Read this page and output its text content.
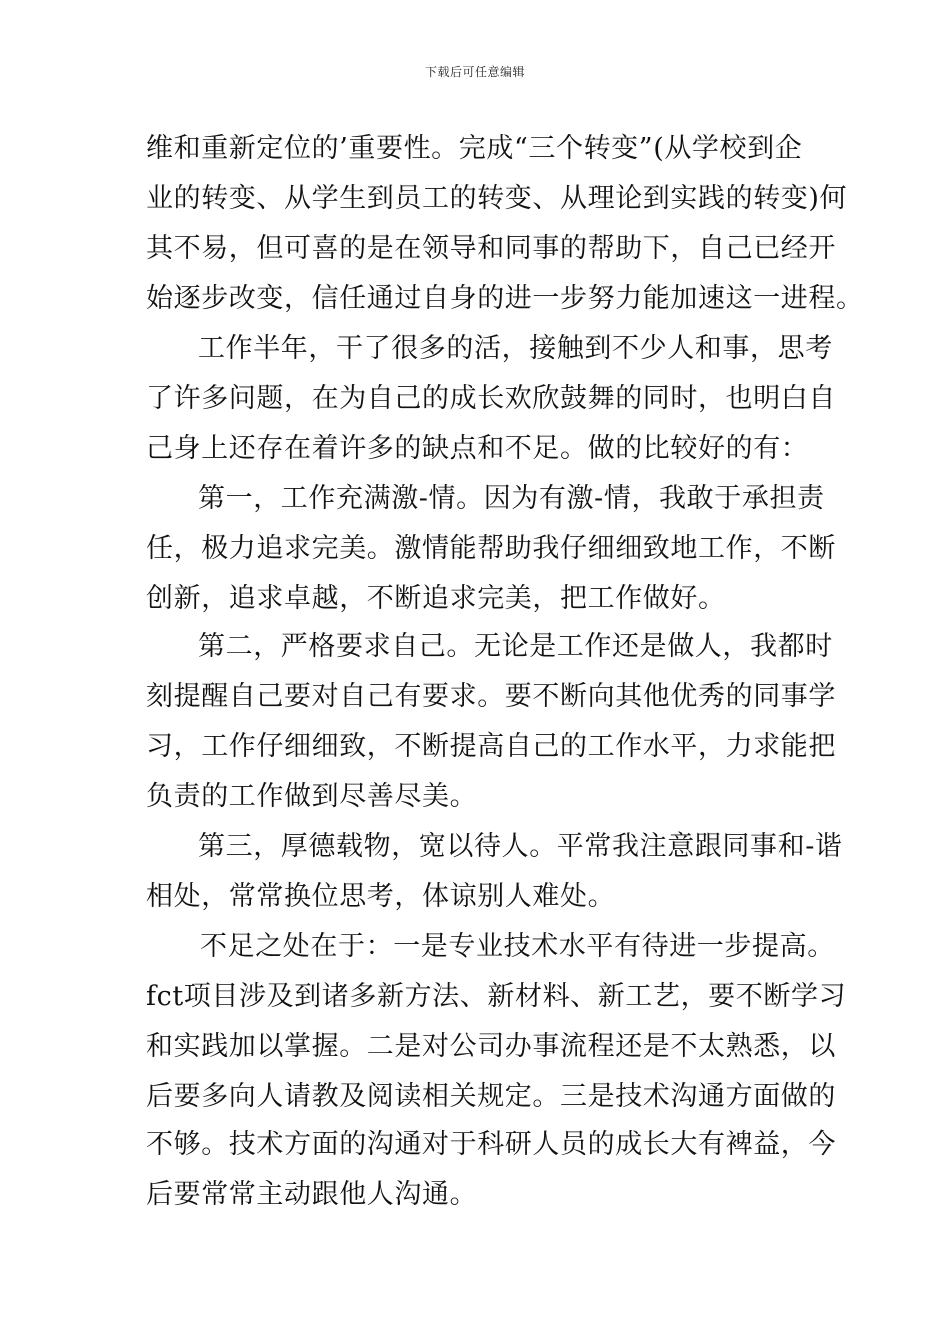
下载后可任意编辑
维和重新定位的’重要性。完成“三个转变”(从学校到企
业的转变、从学生到员工的转变、从理论到实践的转变)何
其不易，但可喜的是在领导和同事的帮助下，自己已经开
始逐步改变，信任通过自身的进一步努力能加速这一进程。
工作半年，干了很多的活，接触到不少人和事，思考
了许多问题，在为自己的成长欢欣鼓舞的同时，也明白自
己身上还存在着许多的缺点和不足。做的比较好的有：
第一，工作充满激-情。因为有激-情，我敢于承担责
任，极力追求完美。激情能帮助我仔细细致地工作，不断
创新，追求卓越，不断追求完美，把工作做好。
第二，严格要求自己。无论是工作还是做人，我都时
刻提醒自己要对自己有要求。要不断向其他优秀的同事学
习，工作仔细细致，不断提高自己的工作水平，力求能把
负责的工作做到尽善尽美。
第三，厚德载物，宽以待人。平常我注意跟同事和-谐
相处，常常换位思考，体谅别人难处。
不足之处在于：一是专业技术水平有待进一步提高。
fct项目涉及到诸多新方法、新材料、新工艺，要不断学习
和实践加以掌握。二是对公司办事流程还是不太熟悉，以
后要多向人请教及阅读相关规定。三是技术沟通方面做的
不够。技术方面的沟通对于科研人员的成长大有裨益，今
后要常常主动跟他人沟通。
